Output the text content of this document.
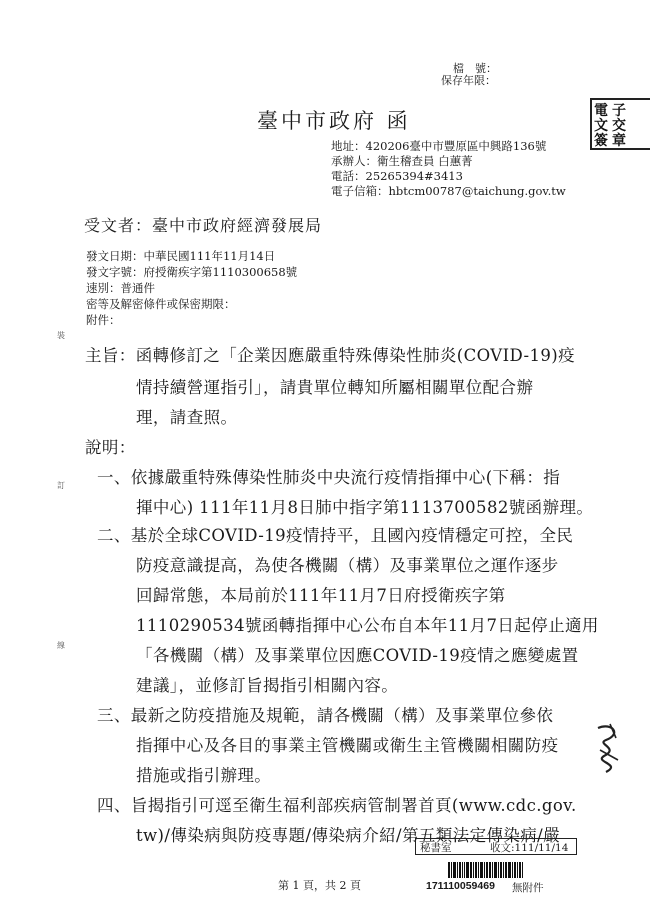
檔　號：
保存年限：
電
文
簽
子
交
章
臺中市政府 函
地址：420206臺中市豐原區中興路136號
承辦人：衛生稽查員 白蕙菁
電話：25265394#3413
電子信箱：hbtcm00787@taichung.gov.tw
受文者：臺中市政府經濟發展局
發文日期：中華民國111年11月14日
發文字號：府授衛疾字第1110300658號
速別：普通件
密等及解密條件或保密期限：
附件：
裝
訂
線
主旨：函轉修訂之「企業因應嚴重特殊傳染性肺炎(COVID-19)疫
情持續營運指引」，請貴單位轉知所屬相關單位配合辦
理，請查照。
說明：
一、依據嚴重特殊傳染性肺炎中央流行疫情指揮中心(下稱：指
揮中心) 111年11月8日肺中指字第1113700582號函辦理。
二、基於全球COVID-19疫情持平，且國內疫情穩定可控，全民
防疫意識提高，為使各機關（構）及事業單位之運作逐步
回歸常態，本局前於111年11月7日府授衛疾字第
1110290534號函轉指揮中心公布自本年11月7日起停止適用
「各機關（構）及事業單位因應COVID-19疫情之應變處置
建議」，並修訂旨揭指引相關內容。
三、最新之防疫措施及規範，請各機關（構）及事業單位參依
指揮中心及各目的事業主管機關或衛生主管機關相關防疫
措施或指引辦理。
四、旨揭指引可逕至衛生福利部疾病管制署首頁(www.cdc.gov.
tw)/傳染病與防疫專題/傳染病介紹/第五類法定傳染病/嚴
秘書室	收文:111/11/14
第 1 頁，共 2 頁	171110059469 無附件
